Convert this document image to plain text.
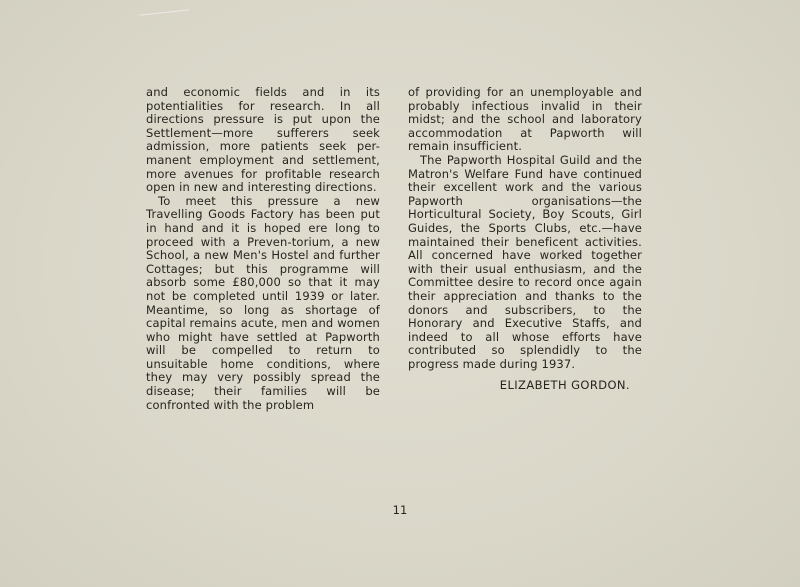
and economic fields and in its potentialities for research. In all directions pressure is put upon the Settlement—more sufferers seek admission, more patients seek per-manent employment and settlement, more avenues for profitable research open in new and interesting directions.

To meet this pressure a new Travelling Goods Factory has been put in hand and it is hoped ere long to proceed with a Preven-torium, a new School, a new Men's Hostel and further Cottages; but this programme will absorb some £80,000 so that it may not be completed until 1939 or later. Meantime, so long as shortage of capital remains acute, men and women who might have settled at Papworth will be compelled to return to unsuitable home conditions, where they may very possibly spread the disease; their families will be confronted with the problem

of providing for an unemployable and probably infectious invalid in their midst; and the school and laboratory accommodation at Papworth will remain insufficient.

The Papworth Hospital Guild and the Matron's Welfare Fund have continued their excellent work and the various Papworth organisations—the Horticultural Society, Boy Scouts, Girl Guides, the Sports Clubs, etc.—have maintained their beneficent activities. All concerned have worked together with their usual enthusiasm, and the Committee desire to record once again their appreciation and thanks to the donors and subscribers, to the Honorary and Executive Staffs, and indeed to all whose efforts have contributed so splendidly to the progress made during 1937.

ELIZABETH GORDON.
11
